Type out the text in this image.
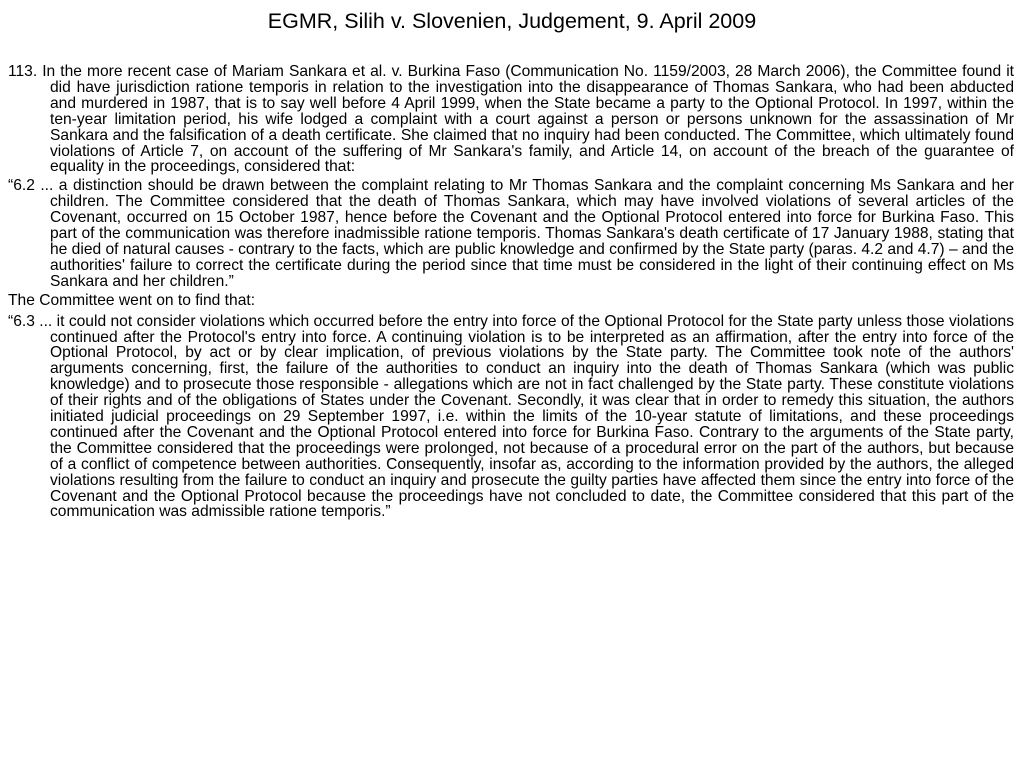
EGMR, Silih v. Slovenien, Judgement, 9. April 2009

113. In the more recent case of Mariam Sankara et al. v. Burkina Faso (Communication No. 1159/2003, 28 March 2006), the Committee found it did have jurisdiction ratione temporis in relation to the investigation into the disappearance of Thomas Sankara, who had been abducted and murdered in 1987, that is to say well before 4 April 1999, when the State became a party to the Optional Protocol. In 1997, within the ten-year limitation period, his wife lodged a complaint with a court against a person or persons unknown for the assassination of Mr Sankara and the falsification of a death certificate. She claimed that no inquiry had been conducted. The Committee, which ultimately found violations of Article 7, on account of the suffering of Mr Sankara's family, and Article 14, on account of the breach of the guarantee of equality in the proceedings, considered that:

“6.2 ... a distinction should be drawn between the complaint relating to Mr Thomas Sankara and the complaint concerning Ms Sankara and her children. The Committee considered that the death of Thomas Sankara, which may have involved violations of several articles of the Covenant, occurred on 15 October 1987, hence before the Covenant and the Optional Protocol entered into force for Burkina Faso. This part of the communication was therefore inadmissible ratione temporis. Thomas Sankara's death certificate of 17 January 1988, stating that he died of natural causes - contrary to the facts, which are public knowledge and confirmed by the State party (paras. 4.2 and 4.7) – and the authorities' failure to correct the certificate during the period since that time must be considered in the light of their continuing effect on Ms Sankara and her children.”

The Committee went on to find that:

“6.3 ... it could not consider violations which occurred before the entry into force of the Optional Protocol for the State party unless those violations continued after the Protocol's entry into force. A continuing violation is to be interpreted as an affirmation, after the entry into force of the Optional Protocol, by act or by clear implication, of previous violations by the State party. The Committee took note of the authors' arguments concerning, first, the failure of the authorities to conduct an inquiry into the death of Thomas Sankara (which was public knowledge) and to prosecute those responsible - allegations which are not in fact challenged by the State party. These constitute violations of their rights and of the obligations of States under the Covenant. Secondly, it was clear that in order to remedy this situation, the authors initiated judicial proceedings on 29 September 1997, i.e. within the limits of the 10-year statute of limitations, and these proceedings continued after the Covenant and the Optional Protocol entered into force for Burkina Faso. Contrary to the arguments of the State party, the Committee considered that the proceedings were prolonged, not because of a procedural error on the part of the authors, but because of a conflict of competence between authorities. Consequently, insofar as, according to the information provided by the authors, the alleged violations resulting from the failure to conduct an inquiry and prosecute the guilty parties have affected them since the entry into force of the Covenant and the Optional Protocol because the proceedings have not concluded to date, the Committee considered that this part of the communication was admissible ratione temporis.”
